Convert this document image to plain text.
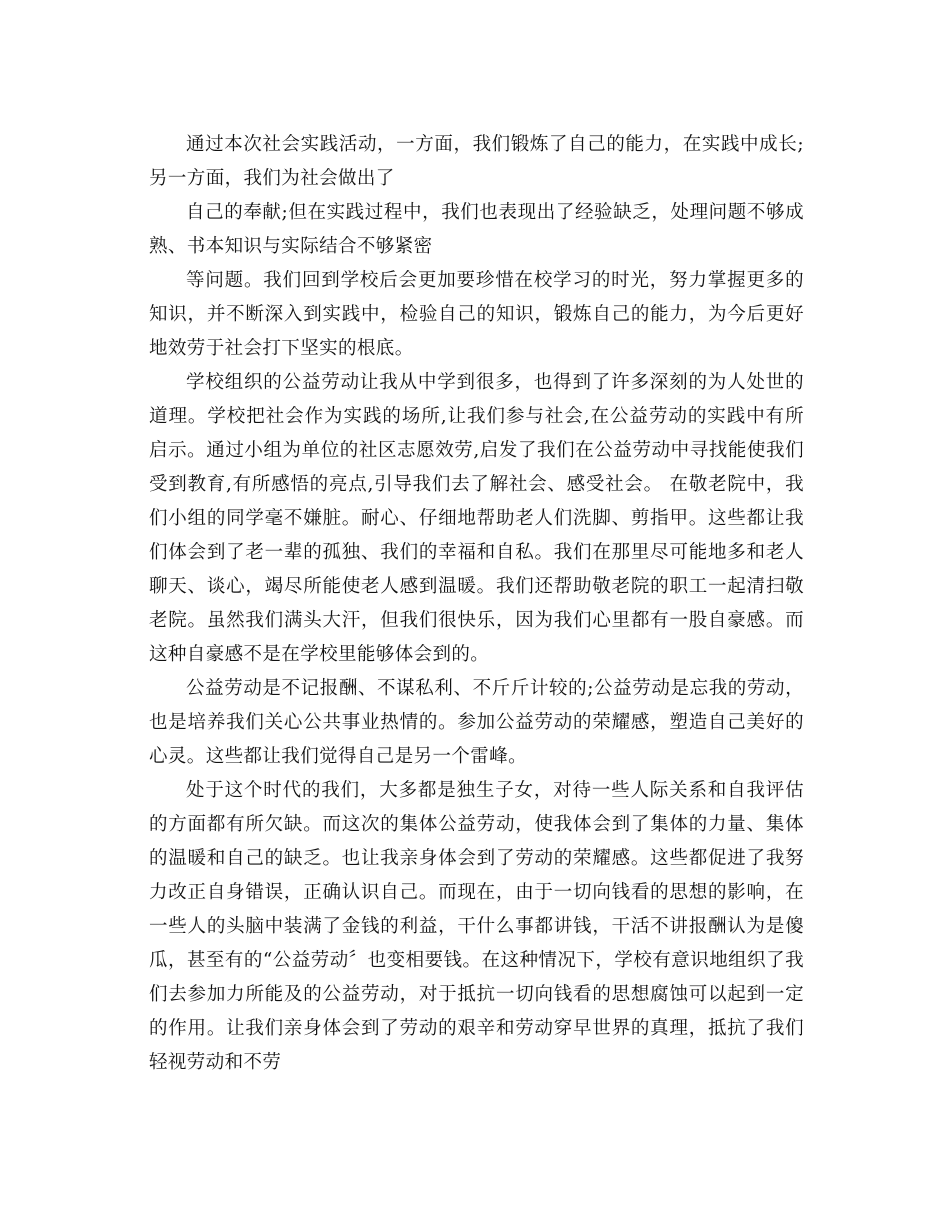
通过本次社会实践活动，一方面，我们锻炼了自己的能力，在实践中成长;另一方面，我们为社会做出了

自己的奉献;但在实践过程中，我们也表现出了经验缺乏，处理问题不够成熟、书本知识与实际结合不够紧密

等问题。我们回到学校后会更加要珍惜在校学习的时光，努力掌握更多的知识，并不断深入到实践中，检验自己的知识，锻炼自己的能力，为今后更好地效劳于社会打下坚实的根底。

学校组织的公益劳动让我从中学到很多，也得到了许多深刻的为人处世的道理。学校把社会作为实践的场所,让我们参与社会,在公益劳动的实践中有所启示。通过小组为单位的社区志愿效劳,启发了我们在公益劳动中寻找能使我们受到教育,有所感悟的亮点,引导我们去了解社会、感受社会。 在敬老院中，我们小组的同学毫不嫌脏。耐心、仔细地帮助老人们洗脚、剪指甲。这些都让我们体会到了老一辈的孤独、我们的幸福和自私。我们在那里尽可能地多和老人聊天、谈心，竭尽所能使老人感到温暖。我们还帮助敬老院的职工一起清扫敬老院。虽然我们满头大汗，但我们很快乐，因为我们心里都有一股自豪感。而这种自豪感不是在学校里能够体会到的。

公益劳动是不记报酬、不谋私利、不斤斤计较的;公益劳动是忘我的劳动，也是培养我们关心公共事业热情的。参加公益劳动的荣耀感，塑造自己美好的心灵。这些都让我们觉得自己是另一个雷峰。

处于这个时代的我们，大多都是独生子女，对待一些人际关系和自我评估的方面都有所欠缺。而这次的集体公益劳动，使我体会到了集体的力量、集体的温暖和自己的缺乏。也让我亲身体会到了劳动的荣耀感。这些都促进了我努力改正自身错误，正确认识自己。而现在，由于一切向钱看的思想的影响，在一些人的头脑中装满了金钱的利益，干什么事都讲钱，干活不讲报酬认为是傻瓜，甚至有的“公益劳动〞也变相要钱。在这种情况下，学校有意识地组织了我们去参加力所能及的公益劳动，对于抵抗一切向钱看的思想腐蚀可以起到一定的作用。让我们亲身体会到了劳动的艰辛和劳动穿早世界的真理，抵抗了我们轻视劳动和不劳
